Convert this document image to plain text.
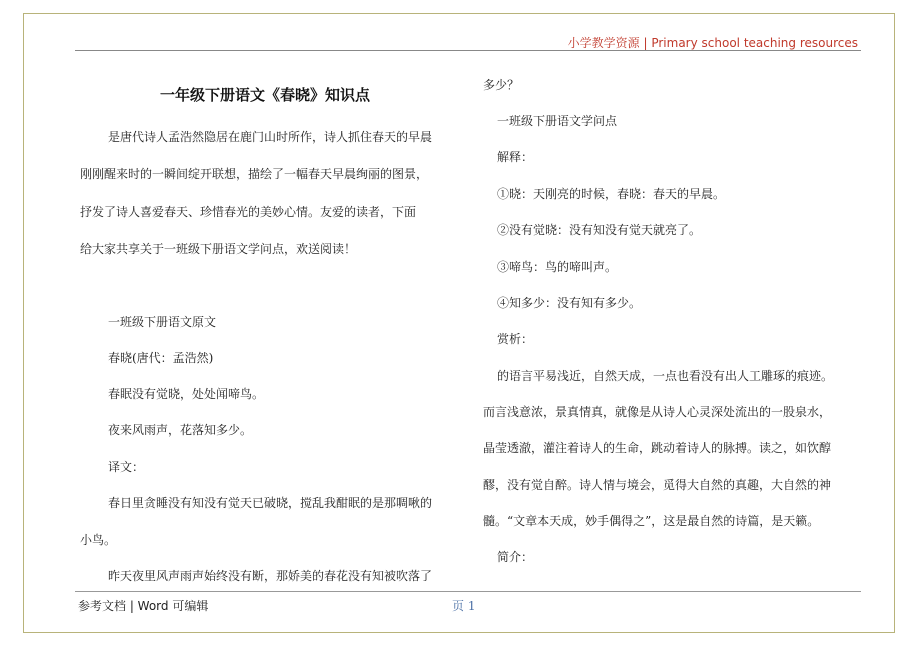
小学教学资源 | Primary school teaching resources
一年级下册语文《春晓》知识点
是唐代诗人孟浩然隐居在鹿门山时所作，诗人抓住春天的早晨
刚刚醒来时的一瞬间绽开联想，描绘了一幅春天早晨绚丽的图景，
抒发了诗人喜爱春天、珍惜春光的美妙心情。友爱的读者，下面
给大家共享关于一班级下册语文学问点，欢送阅读！
一班级下册语文原文
春晓(唐代：孟浩然)
春眠没有觉晓，处处闻啼鸟。
夜来风雨声，花落知多少。
译文：
春日里贪睡没有知没有觉天已破晓，搅乱我酣眠的是那啁啾的
小鸟。
昨天夜里风声雨声始终没有断，那娇美的春花没有知被吹落了
多少？
一班级下册语文学问点
解释：
①晓：天刚亮的时候，春晓：春天的早晨。
②没有觉晓：没有知没有觉天就亮了。
③啼鸟：鸟的啼叫声。
④知多少：没有知有多少。
赏析：
的语言平易浅近，自然天成，一点也看没有出人工雕琢的痕迹。
而言浅意浓，景真情真，就像是从诗人心灵深处流出的一股泉水，
晶莹透澈，灌注着诗人的生命，跳动着诗人的脉搏。读之，如饮醇
醪，没有觉自醉。诗人情与境会，觅得大自然的真趣，大自然的神
髓。“文章本天成，妙手偶得之”，这是最自然的诗篇，是天籁。
简介：
参考文档 | Word 可编辑	页 1
